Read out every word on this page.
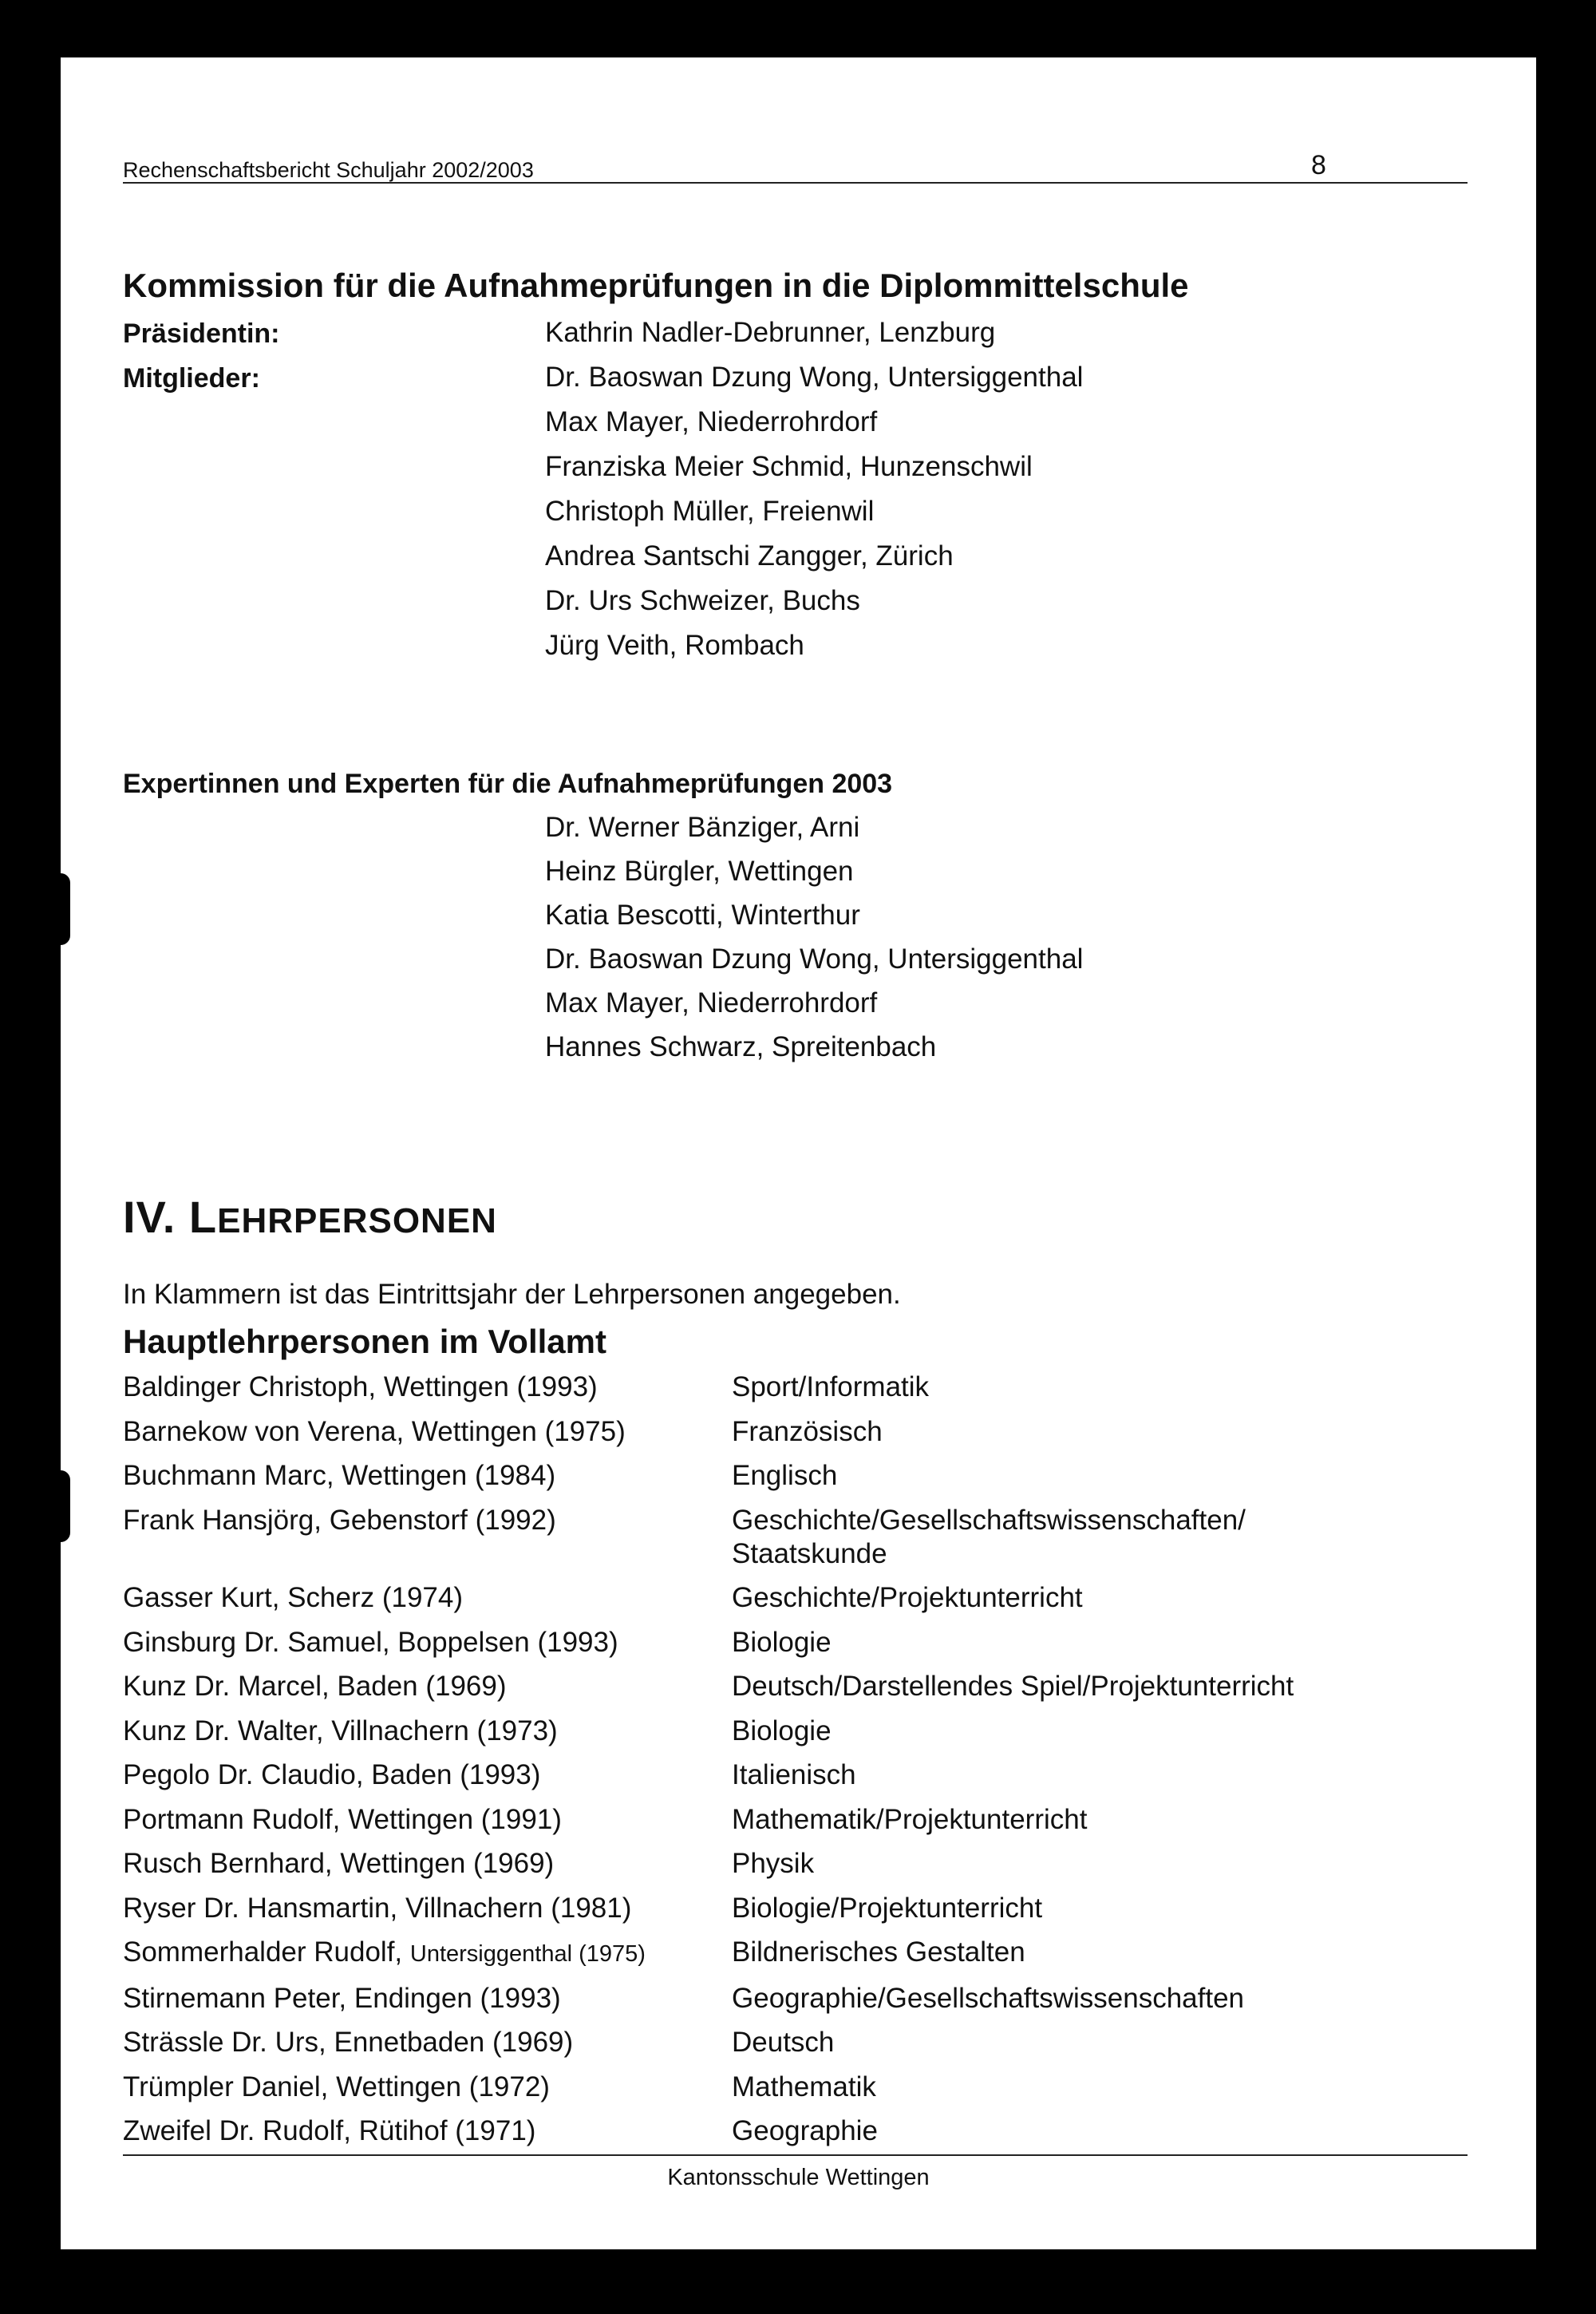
Rechenschaftsbericht Schuljahr 2002/2003	8
Kommission für die Aufnahmeprüfungen in die Diplommittelschule
Präsidentin:	Kathrin Nadler-Debrunner, Lenzburg
Mitglieder:	Dr. Baoswan Dzung Wong, Untersiggenthal
Max Mayer, Niederrohrdorf
Franziska Meier Schmid, Hunzenschwil
Christoph Müller, Freienwil
Andrea Santschi Zangger, Zürich
Dr. Urs Schweizer, Buchs
Jürg Veith, Rombach
Expertinnen und Experten für die Aufnahmeprüfungen 2003
Dr. Werner Bänziger, Arni
Heinz Bürgler, Wettingen
Katia Bescotti, Winterthur
Dr. Baoswan Dzung Wong, Untersiggenthal
Max Mayer, Niederrohrdorf
Hannes Schwarz, Spreitenbach
IV. LEHRPERSONEN
In Klammern ist das Eintrittsjahr der Lehrpersonen angegeben.
Hauptlehrpersonen im Vollamt
Baldinger Christoph, Wettingen (1993)	Sport/Informatik
Barnekow von Verena, Wettingen (1975)	Französisch
Buchmann Marc, Wettingen (1984)	Englisch
Frank Hansjörg, Gebenstorf (1992)	Geschichte/Gesellschaftswissenschaften/ Staatskunde
Gasser Kurt, Scherz (1974)	Geschichte/Projektunterricht
Ginsburg Dr. Samuel, Boppelsen (1993)	Biologie
Kunz Dr. Marcel, Baden (1969)	Deutsch/Darstellendes Spiel/Projektunterricht
Kunz Dr. Walter, Villnachern (1973)	Biologie
Pegolo Dr. Claudio, Baden (1993)	Italienisch
Portmann Rudolf, Wettingen (1991)	Mathematik/Projektunterricht
Rusch Bernhard, Wettingen (1969)	Physik
Ryser Dr. Hansmartin, Villnachern (1981)	Biologie/Projektunterricht
Sommerhalder Rudolf, Untersiggenthal (1975)	Bildnerisches Gestalten
Stirnemann Peter, Endingen (1993)	Geographie/Gesellschaftswissenschaften
Strässle Dr. Urs, Ennetbaden (1969)	Deutsch
Trümpler Daniel, Wettingen (1972)	Mathematik
Zweifel Dr. Rudolf, Rütihof (1971)	Geographie
Kantonsschule Wettingen
